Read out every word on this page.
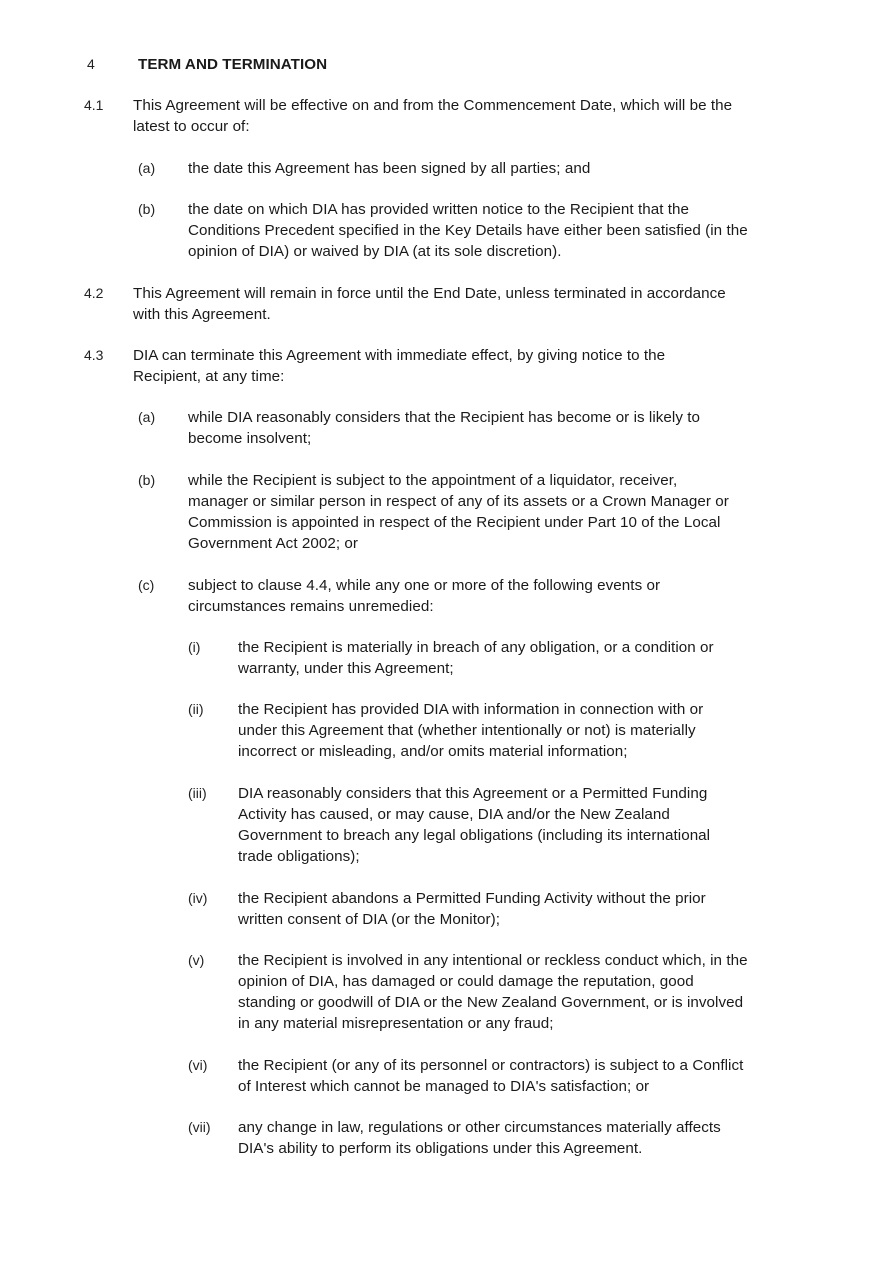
4	TERM AND TERMINATION
4.1 This Agreement will be effective on and from the Commencement Date, which will be the
latest to occur of:
(a) the date this Agreement has been signed by all parties; and
(b) the date on which DIA has provided written notice to the Recipient that the
Conditions Precedent specified in the Key Details have either been satisfied (in the
opinion of DIA) or waived by DIA (at its sole discretion).
4.2 This Agreement will remain in force until the End Date, unless terminated in accordance
with this Agreement.
4.3 DIA can terminate this Agreement with immediate effect, by giving notice to the
Recipient, at any time:
(a) while DIA reasonably considers that the Recipient has become or is likely to
become insolvent;
(b) while the Recipient is subject to the appointment of a liquidator, receiver,
manager or similar person in respect of any of its assets or a Crown Manager or
Commission is appointed in respect of the Recipient under Part 10 of the Local
Government Act 2002; or
(c) subject to clause 4.4, while any one or more of the following events or
circumstances remains unremedied:
(i) the Recipient is materially in breach of any obligation, or a condition or
warranty, under this Agreement;
(ii) the Recipient has provided DIA with information in connection with or
under this Agreement that (whether intentionally or not) is materially
incorrect or misleading, and/or omits material information;
(iii) DIA reasonably considers that this Agreement or a Permitted Funding
Activity has caused, or may cause, DIA and/or the New Zealand
Government to breach any legal obligations (including its international
trade obligations);
(iv) the Recipient abandons a Permitted Funding Activity without the prior
written consent of DIA (or the Monitor);
(v) the Recipient is involved in any intentional or reckless conduct which, in the
opinion of DIA, has damaged or could damage the reputation, good
standing or goodwill of DIA or the New Zealand Government, or is involved
in any material misrepresentation or any fraud;
(vi) the Recipient (or any of its personnel or contractors) is subject to a Conflict
of Interest which cannot be managed to DIA's satisfaction; or
(vii) any change in law, regulations or other circumstances materially affects
DIA's ability to perform its obligations under this Agreement.
